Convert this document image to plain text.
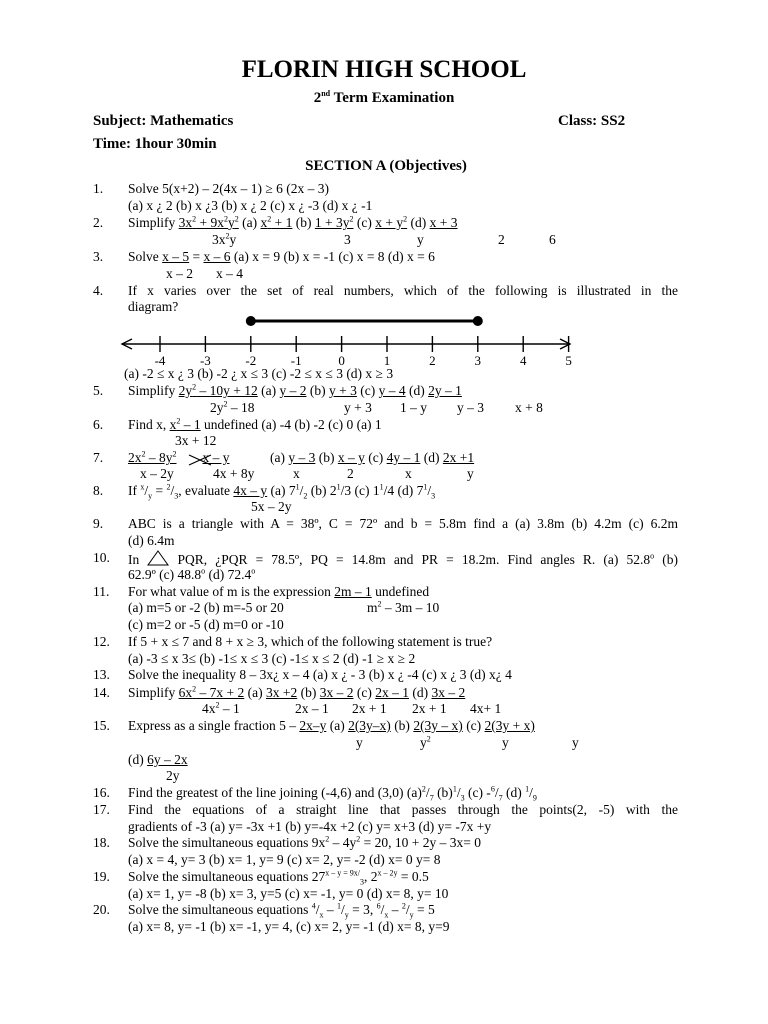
FLORIN HIGH SCHOOL
2nd Term Examination
Subject: Mathematics	Class: SS2
Time: 1hour 30min
SECTION A (Objectives)
1. Solve 5(x+2) – 2(4x – 1) ≥ 6 (2x – 3)
(a) x ¿ 2 (b) x ¿3 (b) x ¿ 2 (c) x ¿ -3 (d) x ¿ -1
2. Simplify $3x^2 + 9x^2y^2$ (a) $x^2 + 1$ (b) $1 + 3y^2$ (c) $x + y^2$ (d) x + 3
$3x^2y$	3	y	2	6
3. Solve x – 5 = x – 6 (a) x = 9 (b) x = -1 (c) x = 8 (d) x = 6
x – 2 x – 4
4. If x varies over the set of real numbers, which of the following is illustrated in the
diagram?
-4	-3	-2	-1	0	1	2	3	4	5
(a) -2 ≤ x ¿ 3 (b) -2 ¿ x ≤ 3 (c) -2 ≤ x ≤ 3 (d) x ≥ 3
5. Simplify $2y^2 - 10y + 12$ (a) y – 2 (b) y + 3 (c) y – 4 (d) 2y – 1
$2y^2 - 18$	y + 3 1 – y y – 3 x + 8
6. Find x, $x^2 - 1$ undefined (a) -4 (b) -2 (c) 0 (a) 1
3x + 12
7. $2x^2 - 8y^2$ x – y	(a) y – 3 (b) x – y (c) 4y – 1 (d) 2x +1
x – 2y	4x + 8y	x	2	x	y
8. If $^x/_y = ^2/_3$, evaluate 4x – y (a) $7^1/_2$ (b) $2^1/3$ (c) $1^1/4$ (d) $7^1/_3$
5x – 2y
9. ABC is a triangle with A = 38º, C = 72º and b = 5.8m find a (a) 3.8m (b) 4.2m (c) 6.2m
(d) 6.4m
10. In  PQR, ¿PQR = 78.5º, PQ = 14.8m and PR = 18.2m. Find angles R. (a) 52.8$^o$ (b)
62.9º (c) 48.8$^o$ (d) 72.4$^o$
11. For what value of m is the expression 2m – 1 undefined
(a) m=5 or -2 (b) m=-5 or 20	$m^2 - 3m - 10$
(c) m=2 or -5 (d) m=0 or -10
12. If 5 + x ≤ 7 and 8 + x ≥ 3, which of the following statement is true?
(a) -3 ≤ x 3≤ (b) -1≤ x ≤ 3 (c) -1≤ x ≤ 2 (d) -1 ≥ x ≥ 2
13. Solve the inequality 8 – 3x¿ x – 4 (a) x ¿ - 3 (b) x ¿ -4 (c) x ¿ 3 (d) x¿ 4
14. Simplify $6x^2 - 7x + 2$ (a) 3x +2 (b) 3x – 2 (c) 2x – 1 (d) 3x – 2
$4x^2 - 1$	2x – 1 2x + 1 2x + 1 4x+ 1
15. Express as a single fraction 5 – 2x–y (a) 2(3y–x) (b) 2(3y – x) (c) 2(3y + x)
y	$y^2$	y	y
(d) 6y – 2x
2y
16. Find the greatest of the line joining (-4,6) and (3,0) $(a)^2/_7$ $(b)^1/_3$ (c) $-^6/_7$ (d) $^1/_9$
17. Find the equations of a straight line that passes through the points(2, -5) with the
gradients of -3 (a) y= -3x +1 (b) y=-4x +2 (c) y= x+3 (d) y= -7x +y
18. Solve the simultaneous equations $9x^2 - 4y^2 = 20$, 10 + 2y – 3x= 0
(a) x = 4, y= 3 (b) x= 1, y= 9 (c) x= 2, y= -2 (d) x= 0 y= 8
19. Solve the simultaneous equations 27$^{x - y}$ = $^{9x/}_3$, $2^{x - 2y} = 0.5$
(a) x= 1, y= -8 (b) x= 3, y=5 (c) x= -1, y= 0 (d) x= 8, y= 10
20. Solve the simultaneous equations $^4/_x - ^1/_y = 3$, $^6/_x - ^2/_y = 5$
(a) x= 8, y= -1 (b) x= -1, y= 4, (c) x= 2, y= -1 (d) x= 8, y=9
